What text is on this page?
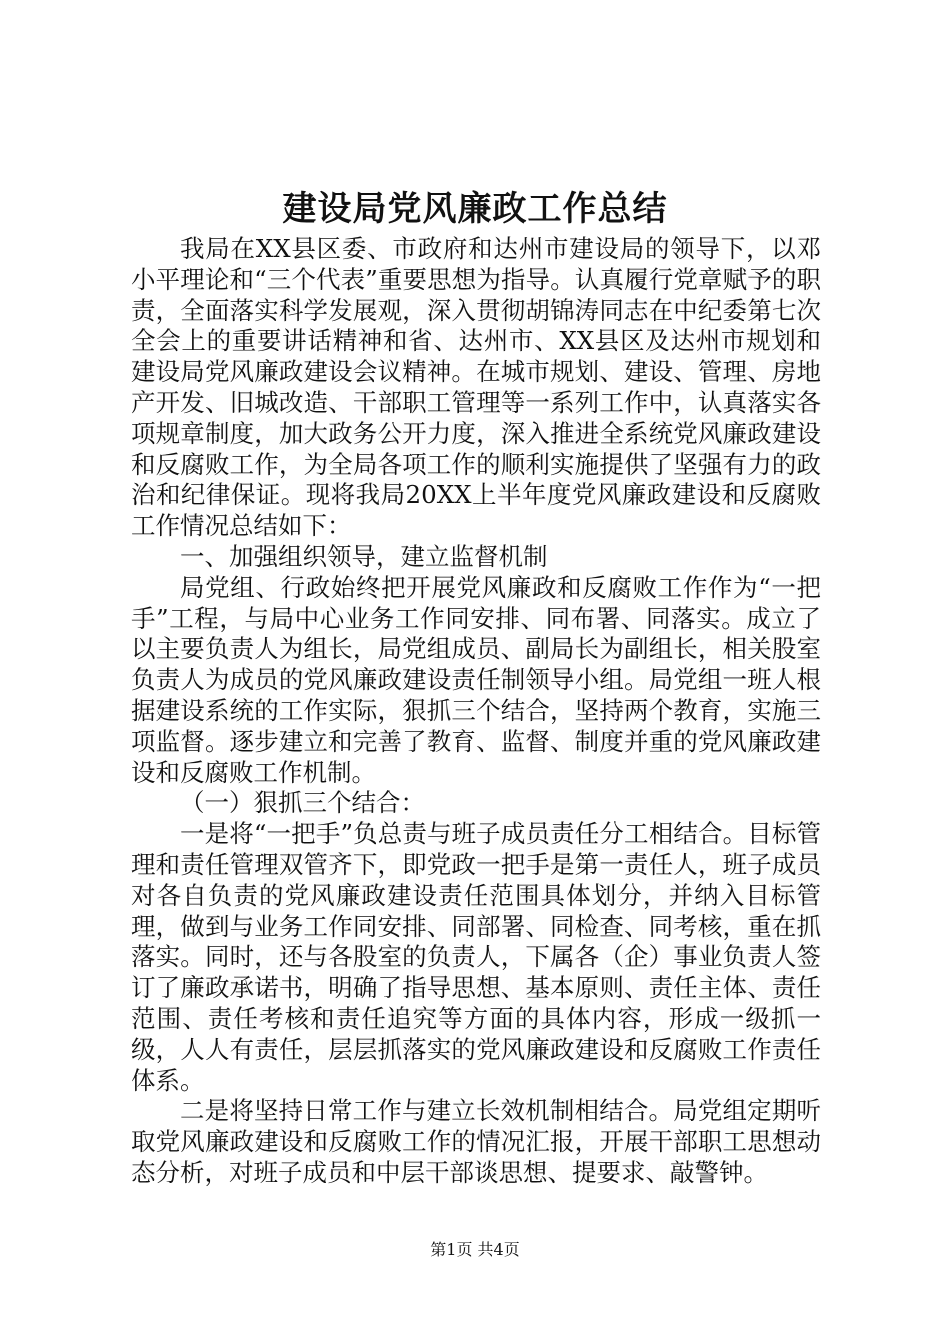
建设局党风廉政工作总结

我局在XX县区委、市政府和达州市建设局的领导下，以邓小平理论和“三个代表”重要思想为指导。认真履行党章赋予的职责，全面落实科学发展观，深入贯彻胡锦涛同志在中纪委第七次全会上的重要讲话精神和省、达州市、XX县区及达州市规划和建设局党风廉政建设会议精神。在城市规划、建设、管理、房地产开发、旧城改造、干部职工管理等一系列工作中，认真落实各项规章制度，加大政务公开力度，深入推进全系统党风廉政建设和反腐败工作，为全局各项工作的顺利实施提供了坚强有力的政治和纪律保证。现将我局20XX上半年度党风廉政建设和反腐败工作情况总结如下：

一、加强组织领导，建立监督机制

局党组、行政始终把开展党风廉政和反腐败工作作为“一把手”工程，与局中心业务工作同安排、同布署、同落实。成立了以主要负责人为组长，局党组成员、副局长为副组长，相关股室负责人为成员的党风廉政建设责任制领导小组。局党组一班人根据建设系统的工作实际，狠抓三个结合，坚持两个教育，实施三项监督。逐步建立和完善了教育、监督、制度并重的党风廉政建设和反腐败工作机制。

（一）狠抓三个结合：

一是将“一把手”负总责与班子成员责任分工相结合。目标管理和责任管理双管齐下，即党政一把手是第一责任人，班子成员对各自负责的党风廉政建设责任范围具体划分，并纳入目标管理，做到与业务工作同安排、同部署、同检查、同考核，重在抓落实。同时，还与各股室的负责人，下属各（企）事业负责人签订了廉政承诺书，明确了指导思想、基本原则、责任主体、责任范围、责任考核和责任追究等方面的具体内容，形成一级抓一级，人人有责任，层层抓落实的党风廉政建设和反腐败工作责任体系。

二是将坚持日常工作与建立长效机制相结合。局党组定期听取党风廉政建设和反腐败工作的情况汇报，开展干部职工思想动态分析，对班子成员和中层干部谈思想、提要求、敲警钟。

第1页 共4页
